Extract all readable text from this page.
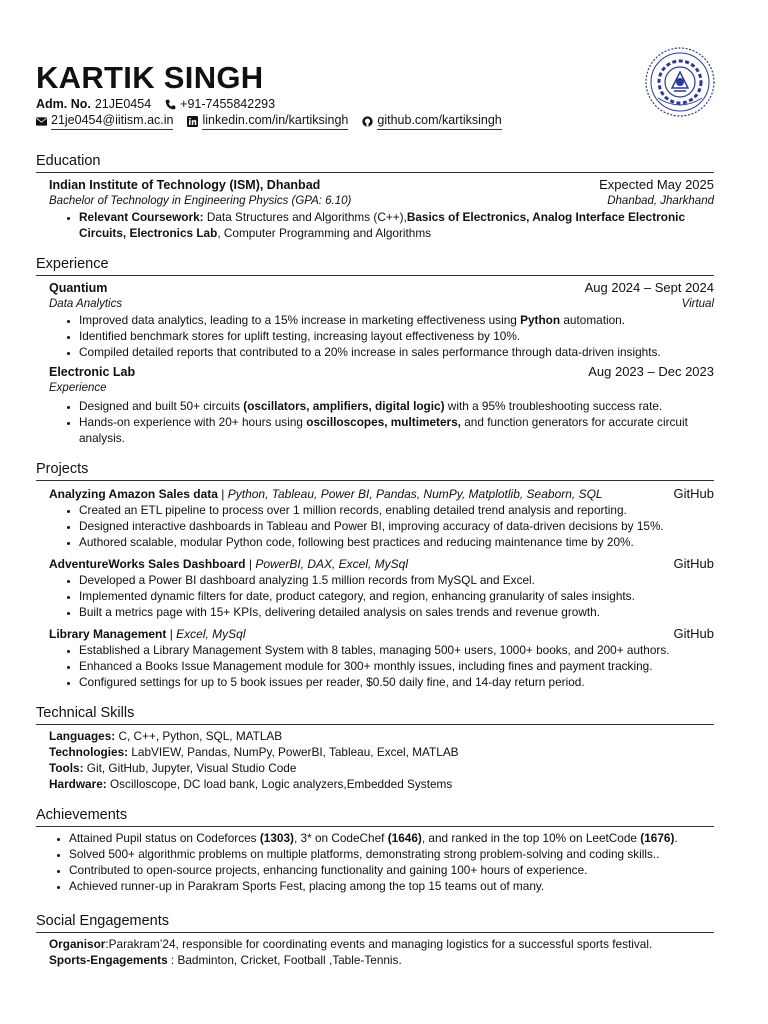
KARTIK SINGH
Adm. No. 21JE0454 +91-7455842293
21je0454@iitism.ac.in linkedin.com/in/kartiksingh github.com/kartiksingh
Education
Indian Institute of Technology (ISM), Dhanbad	Expected May 2025
Bachelor of Technology in Engineering Physics (GPA: 6.10)	Dhanbad, Jharkhand
• Relevant Coursework: Data Structures and Algorithms (C++),Basics of Electronics, Analog Interface Electronic Circuits, Electronics Lab, Computer Programming and Algorithms
Experience
Quantium	Aug 2024 – Sept 2024
Data Analytics	Virtual
• Improved data analytics, leading to a 15% increase in marketing effectiveness using Python automation.
• Identified benchmark stores for uplift testing, increasing layout effectiveness by 10%.
• Compiled detailed reports that contributed to a 20% increase in sales performance through data-driven insights.
Electronic Lab	Aug 2023 – Dec 2023
Experience
• Designed and built 50+ circuits (oscillators, amplifiers, digital logic) with a 95% troubleshooting success rate.
• Hands-on experience with 20+ hours using oscilloscopes, multimeters, and function generators for accurate circuit analysis.
Projects
Analyzing Amazon Sales data | Python, Tableau, Power BI, Pandas, NumPy, Matplotlib, Seaborn, SQL	GitHub
• Created an ETL pipeline to process over 1 million records, enabling detailed trend analysis and reporting.
• Designed interactive dashboards in Tableau and Power BI, improving accuracy of data-driven decisions by 15%.
• Authored scalable, modular Python code, following best practices and reducing maintenance time by 20%.
AdventureWorks Sales Dashboard | PowerBI, DAX, Excel, MySql	GitHub
• Developed a Power BI dashboard analyzing 1.5 million records from MySQL and Excel.
• Implemented dynamic filters for date, product category, and region, enhancing granularity of sales insights.
• Built a metrics page with 15+ KPIs, delivering detailed analysis on sales trends and revenue growth.
Library Management | Excel, MySql	GitHub
• Established a Library Management System with 8 tables, managing 500+ users, 1000+ books, and 200+ authors.
• Enhanced a Books Issue Management module for 300+ monthly issues, including fines and payment tracking.
• Configured settings for up to 5 book issues per reader, $0.50 daily fine, and 14-day return period.
Technical Skills
Languages: C, C++, Python, SQL, MATLAB
Technologies: LabVIEW, Pandas, NumPy, PowerBI, Tableau, Excel, MATLAB
Tools: Git, GitHub, Jupyter, Visual Studio Code
Hardware: Oscilloscope, DC load bank, Logic analyzers,Embedded Systems
Achievements
• Attained Pupil status on Codeforces (1303), 3* on CodeChef (1646), and ranked in the top 10% on LeetCode (1676).
• Solved 500+ algorithmic problems on multiple platforms, demonstrating strong problem-solving and coding skills..
• Contributed to open-source projects, enhancing functionality and gaining 100+ hours of experience.
• Achieved runner-up in Parakram Sports Fest, placing among the top 15 teams out of many.
Social Engagements
Organisor:Parakram’24, responsible for coordinating events and managing logistics for a successful sports festival.
Sports-Engagements : Badminton, Cricket, Football ,Table-Tennis.
